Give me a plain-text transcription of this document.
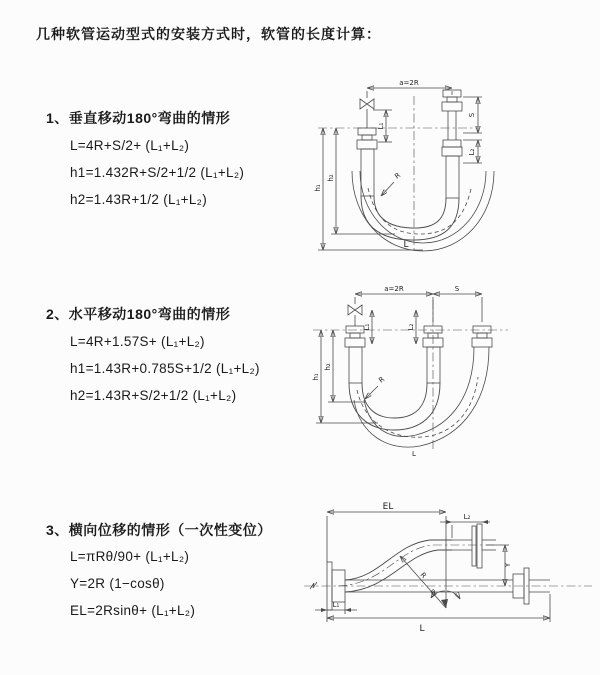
几种软管运动型式的安装方式时，软管的长度计算：
1、垂直移动180°弯曲的情形
L=4R+S/2+ (L₁+L₂)
h1=1.432R+S/2+1/2 (L₁+L₂)
h2=1.43R+1/2 (L₁+L₂)
2、水平移动180°弯曲的情形
L=4R+1.57S+ (L₁+L₂)
h1=1.43R+0.785S+1/2 (L₁+L₂)
h2=1.43R+S/2+1/2 (L₁+L₂)
3、横向位移的情形（一次性变位）
L=πRθ/90+ (L₁+L₂)
Y=2R (1−cosθ)
EL=2Rsinθ+ (L₁+L₂)
a=2R
R
L
h₁
h₂
L₁
S
L₂
a=2R	S
L₁	L₂
R
L
h₁
h₂
EL
L₂
Y
R
θ
L
L₁
